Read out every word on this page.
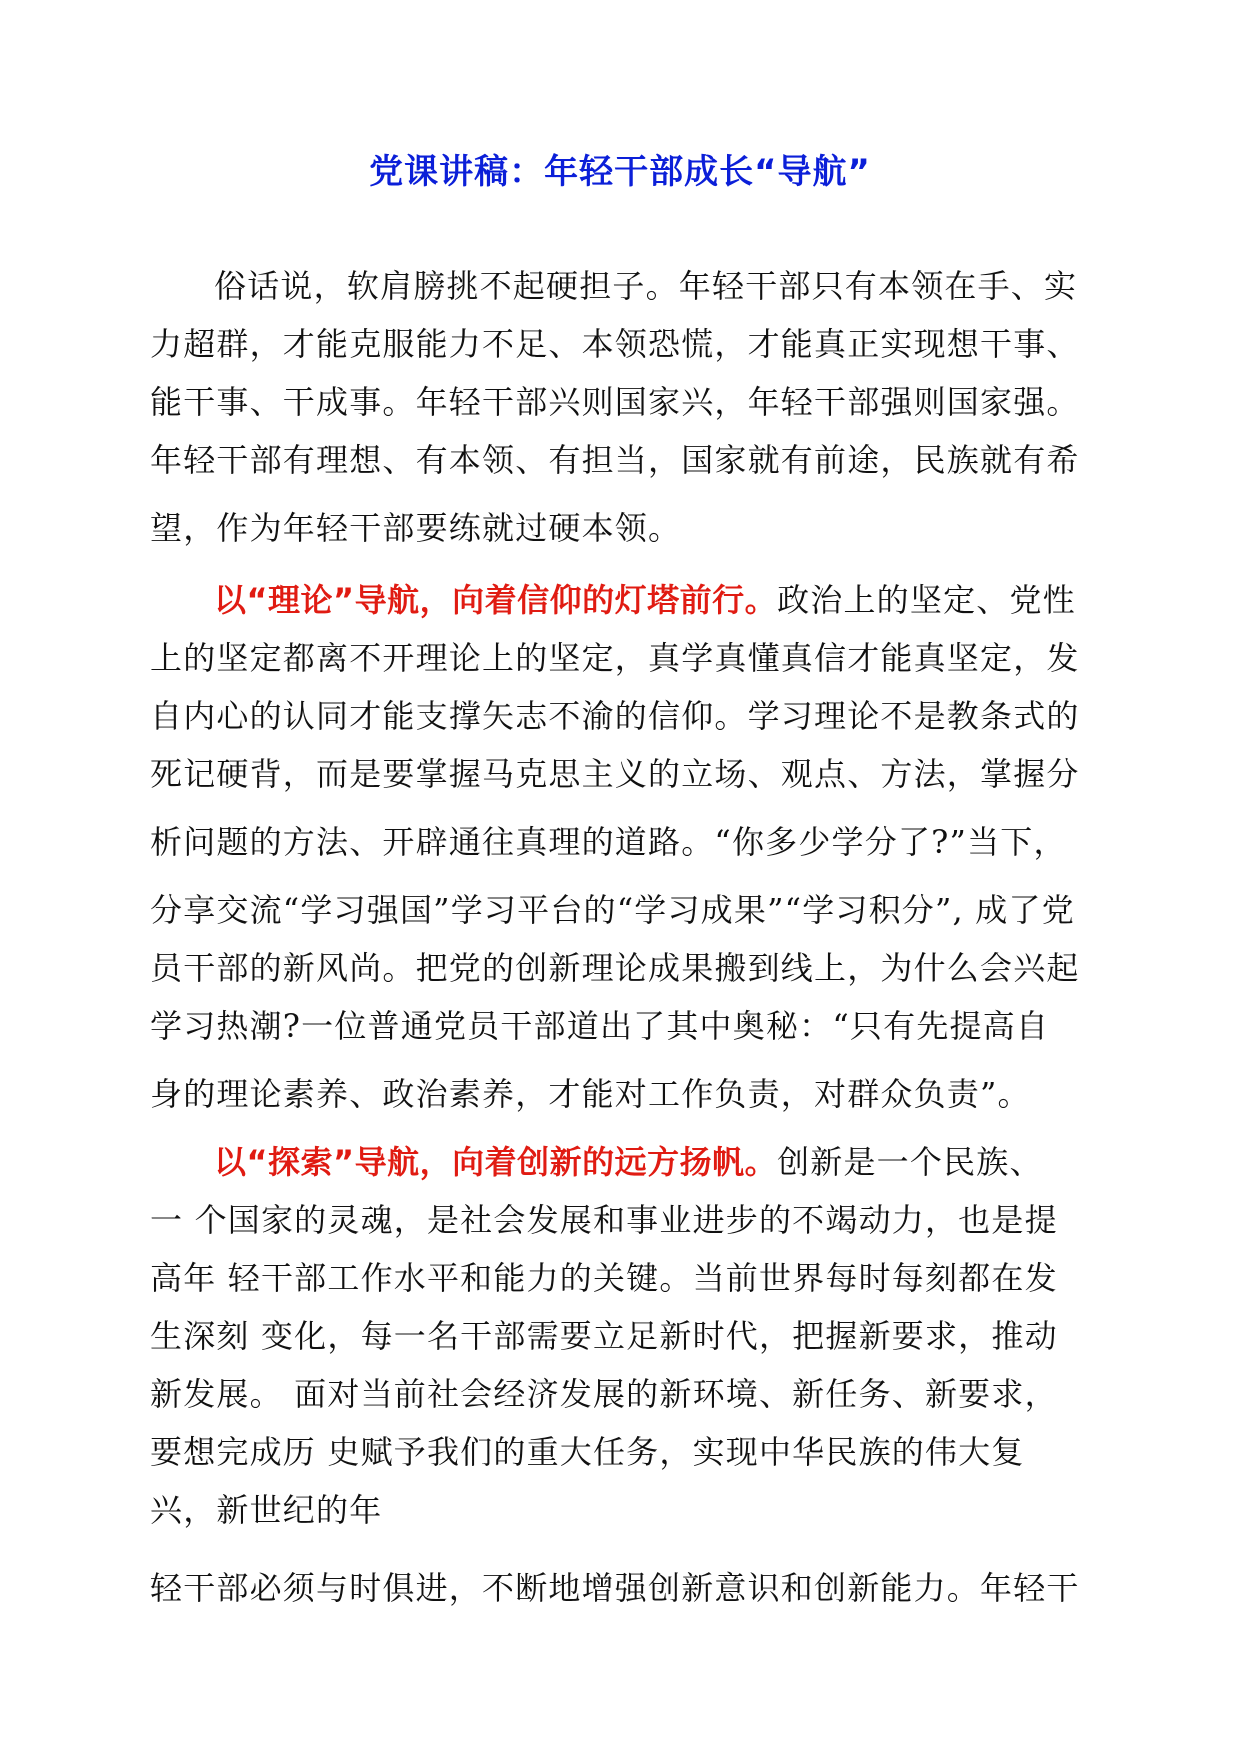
党课讲稿：年轻干部成长“导航”
俗话说，软肩膀挑不起硬担子。年轻干部只有本领在手、实
力超群，才能克服能力不足、本领恐慌，才能真正实现想干事、
能干事、干成事。年轻干部兴则国家兴，年轻干部强则国家强。
年轻干部有理想、有本领、有担当，国家就有前途，民族就有希
望，作为年轻干部要练就过硬本领。
以“理论”导航，向着信仰的灯塔前行。政治上的坚定、党性
上的坚定都离不开理论上的坚定，真学真懂真信才能真坚定，发
自内心的认同才能支撑矢志不渝的信仰。学习理论不是教条式的
死记硬背，而是要掌握马克思主义的立场、观点、方法，掌握分
析问题的方法、开辟通往真理的道路。“你多少学分了?”当下，
分享交流“学习强国”学习平台的“学习成果”“学习积分”, 成了党
员干部的新风尚。把党的创新理论成果搬到线上，为什么会兴起
学习热潮?一位普通党员干部道出了其中奥秘：“只有先提高自
身的理论素养、政治素养，才能对工作负责，对群众负责”。
以“探索”导航，向着创新的远方扬帆。创新是一个民族、
一 个国家的灵魂，是社会发展和事业进步的不竭动力，也是提
高年 轻干部工作水平和能力的关键。当前世界每时每刻都在发
生深刻 变化，每一名干部需要立足新时代，把握新要求，推动
新发展。 面对当前社会经济发展的新环境、新任务、新要求，
要想完成历 史赋予我们的重大任务，实现中华民族的伟大复
兴，新世纪的年
轻干部必须与时俱进，不断地增强创新意识和创新能力。年轻干
